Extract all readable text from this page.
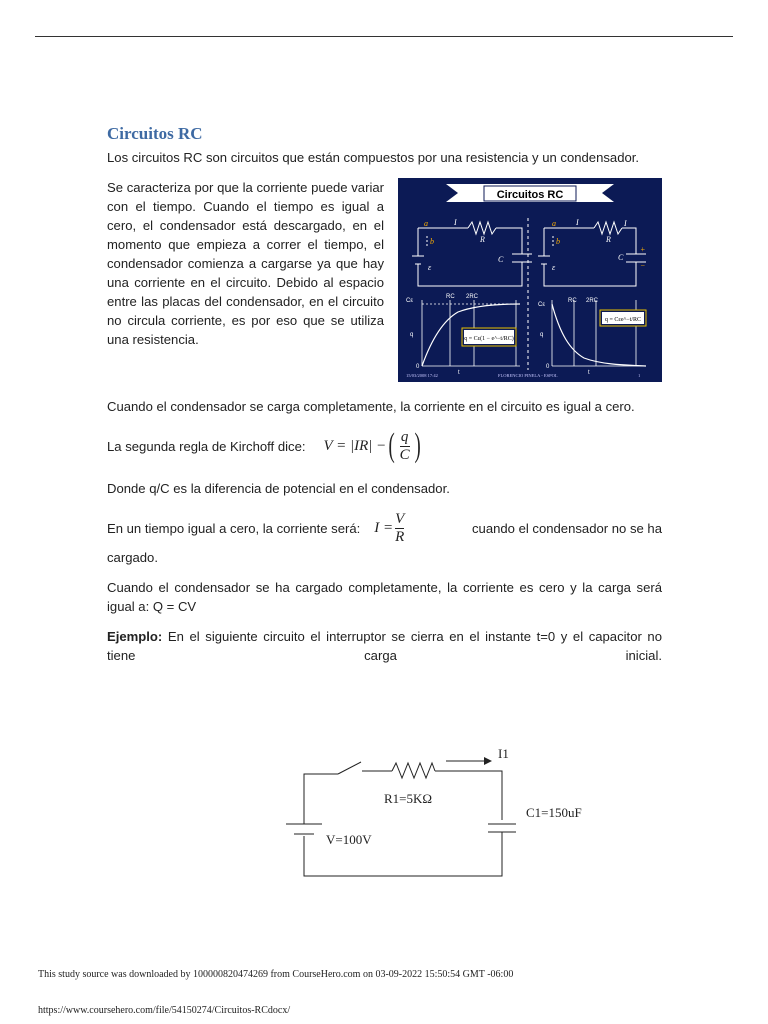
Circuitos RC

Los circuitos RC son circuitos que están compuestos por una resistencia y un condensador.

Circuitos RC
a
b
I
R
C
ε
a
b
I
R
I
C
ε
+
−
q = Cε(1 − e^−t/RC)
Cε
q
0
RC 2RC
t
q = Cεe^−t/RC
Cε
q
0
RC 2RC
t
15/03/2008 17:42	FLORENCIO PINELA - ESPOL	1

Se caracteriza por que la corriente puede variar con el tiempo. Cuando el tiempo es igual a cero, el condensador está descargado, en el momento que empieza a correr el tiempo, el condensador comienza a cargarse ya que hay una corriente en el circuito. Debido al espacio entre las placas del condensador, en el circuito no circula corriente, es por eso que se utiliza una resistencia.

Cuando el condensador se carga completamente, la corriente en el circuito es igual a cero.

La segunda regla de Kirchoff dice: V = |IR| − ( $\frac{q}{C}$ )

Donde q/C es la diferencia de potencial en el condensador.

En un tiempo igual a cero, la corriente será: $I = \frac{V}{R}$	cuando el condensador no se ha

cargado.

Cuando el condensador se ha cargado completamente, la corriente es cero y la carga será igual a: Q = CV

Ejemplo: En el siguiente circuito el interruptor se cierra en el instante t=0 y el capacitor no tiene carga inicial.

I1
R1=5KΩ
C1=150uF
V=100V
This study source was downloaded by 100000820474269 from CourseHero.com on 03-09-2022 15:50:54 GMT -06:00
https://www.coursehero.com/file/54150274/Circuitos-RCdocx/
